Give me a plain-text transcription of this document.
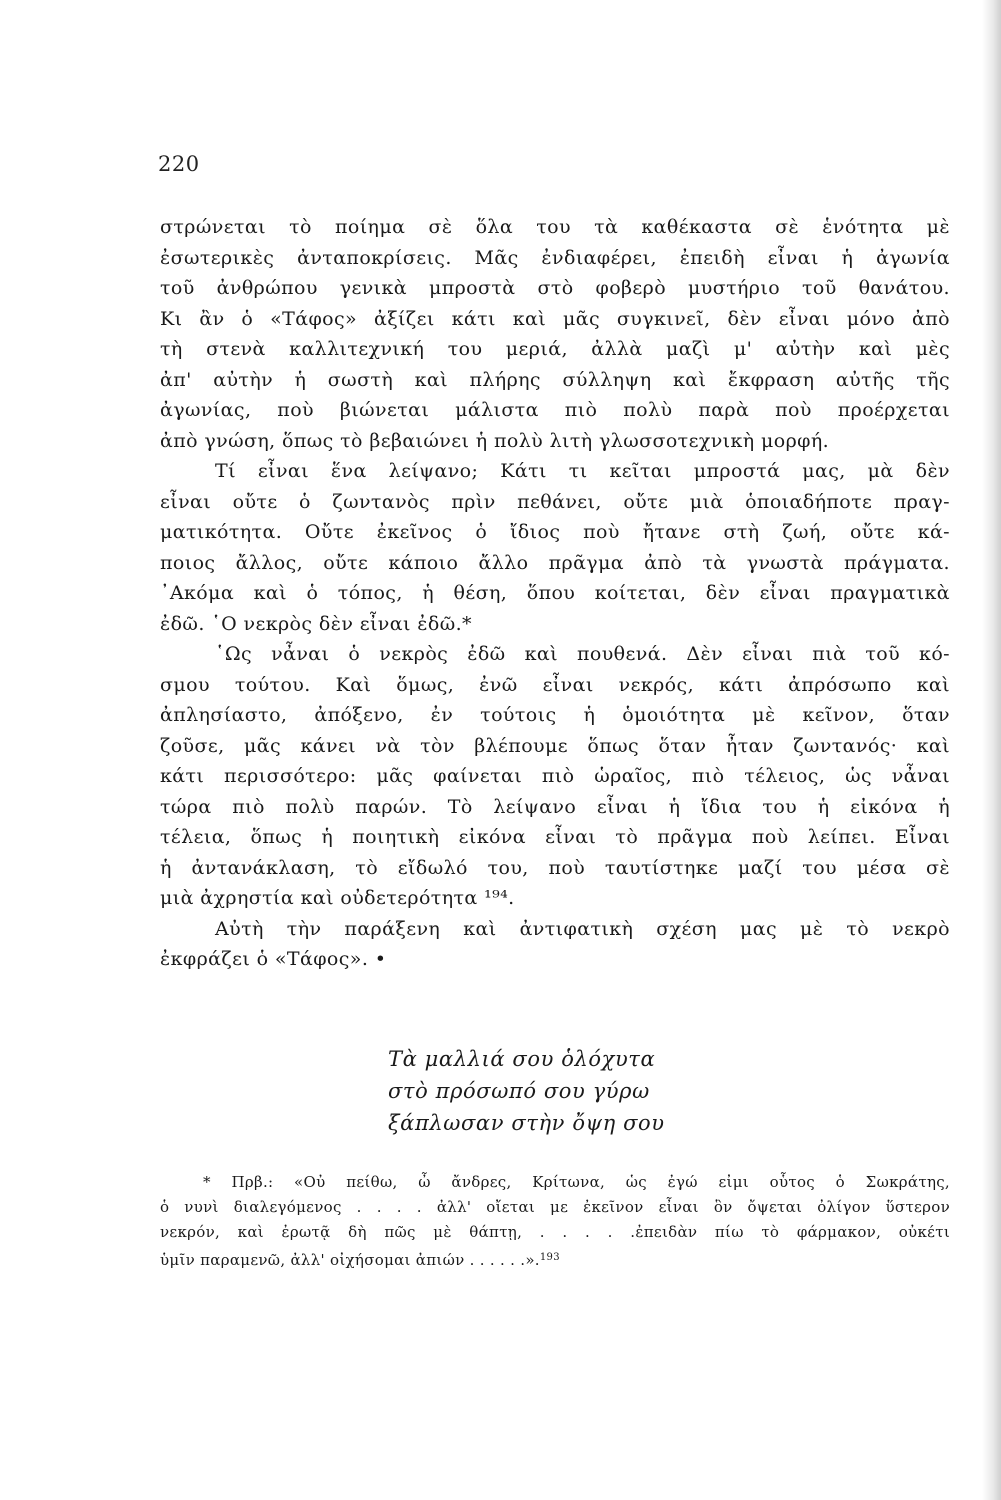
220
στρώνεται τὸ ποίημα σὲ ὅλα του τὰ καθέκαστα σὲ ἑνότητα μὲ
ἐσωτερικὲς ἀνταποκρίσεις. Μᾶς ἐνδιαφέρει, ἐπειδὴ εἶναι ἡ ἀγωνία
τοῦ ἀνθρώπου γενικὰ μπροστὰ στὸ φοβερὸ μυστήριο τοῦ θανάτου.
Κι ἂν ὁ «Τάφος» ἀξίζει κάτι καὶ μᾶς συγκινεῖ, δὲν εἶναι μόνο ἀπὸ
τὴ στενὰ καλλιτεχνική του μεριά, ἀλλὰ μαζὶ μ' αὐτὴν καὶ μὲς
ἀπ' αὐτὴν ἡ σωστὴ καὶ πλήρης σύλληψη καὶ ἔκφραση αὐτῆς τῆς
ἀγωνίας, ποὺ βιώνεται μάλιστα πιὸ πολὺ παρὰ ποὺ προέρχεται
ἀπὸ γνώση, ὅπως τὸ βεβαιώνει ἡ πολὺ λιτὴ γλωσσοτεχνικὴ μορφή.
Τί εἶναι ἕνα λείψανο; Κάτι τι κεῖται μπροστά μας, μὰ δὲν
εἶναι οὔτε ὁ ζωντανὸς πρὶν πεθάνει, οὔτε μιὰ ὁποιαδήποτε πραγ-
ματικότητα. Οὔτε ἐκεῖνος ὁ ἴδιος ποὺ ἤτανε στὴ ζωή, οὔτε κά-
ποιος ἄλλος, οὔτε κάποιο ἄλλο πρᾶγμα ἀπὸ τὰ γνωστὰ πράγματα.
᾿Ακόμα καὶ ὁ τόπος, ἡ θέση, ὅπου κοίτεται, δὲν εἶναι πραγματικὰ
ἐδῶ. ῾Ο νεκρὸς δὲν εἶναι ἐδῶ.*
῾Ως νἆναι ὁ νεκρὸς ἐδῶ καὶ πουθενά. Δὲν εἶναι πιὰ τοῦ κό-
σμου τούτου. Καὶ ὅμως, ἐνῶ εἶναι νεκρός, κάτι ἀπρόσωπο καὶ
ἀπλησίαστο, ἀπόξενο, ἐν τούτοις ἡ ὁμοιότητα μὲ κεῖνον, ὅταν
ζοῦσε, μᾶς κάνει νὰ τὸν βλέπουμε ὅπως ὅταν ἦταν ζωντανός· καὶ
κάτι περισσότερο: μᾶς φαίνεται πιὸ ὡραῖος, πιὸ τέλειος, ὡς νἆναι
τώρα πιὸ πολὺ παρών. Τὸ λείψανο εἶναι ἡ ἴδια του ἡ εἰκόνα ἡ
τέλεια, ὅπως ἡ ποιητικὴ εἰκόνα εἶναι τὸ πρᾶγμα ποὺ λείπει. Εἶναι
ἡ ἀντανάκλαση, τὸ εἴδωλό του, ποὺ ταυτίστηκε μαζί του μέσα σὲ
μιὰ ἀχρηστία καὶ οὐδετερότητα ¹⁹⁴.
Αὐτὴ τὴν παράξενη καὶ ἀντιφατικὴ σχέση μας μὲ τὸ νεκρὸ
ἐκφράζει ὁ «Τάφος». •
Τὰ μαλλιά σου ὁλόχυτα
στὸ πρόσωπό σου γύρω
ξάπλωσαν στὴν ὄψη σου
* Πρβ.: «Οὐ πείθω, ὦ ἄνδρες, Κρίτωνα, ὡς ἐγώ εἰμι οὗτος ὁ Σωκράτης,
ὁ νυνὶ διαλεγόμενος . . . . ἀλλ' οἴεται με ἐκεῖνον εἶναι ὃν ὄψεται ὀλίγον ὕστερον
νεκρόν, καὶ ἐρωτᾷ δὴ πῶς μὲ θάπτῃ, . . . . .ἐπειδὰν πίω τὸ φάρμακον, οὐκέτι
ὑμῖν παραμενῶ, ἀλλ' οἰχήσομαι ἀπιών . . . . . .».$^{193}$
